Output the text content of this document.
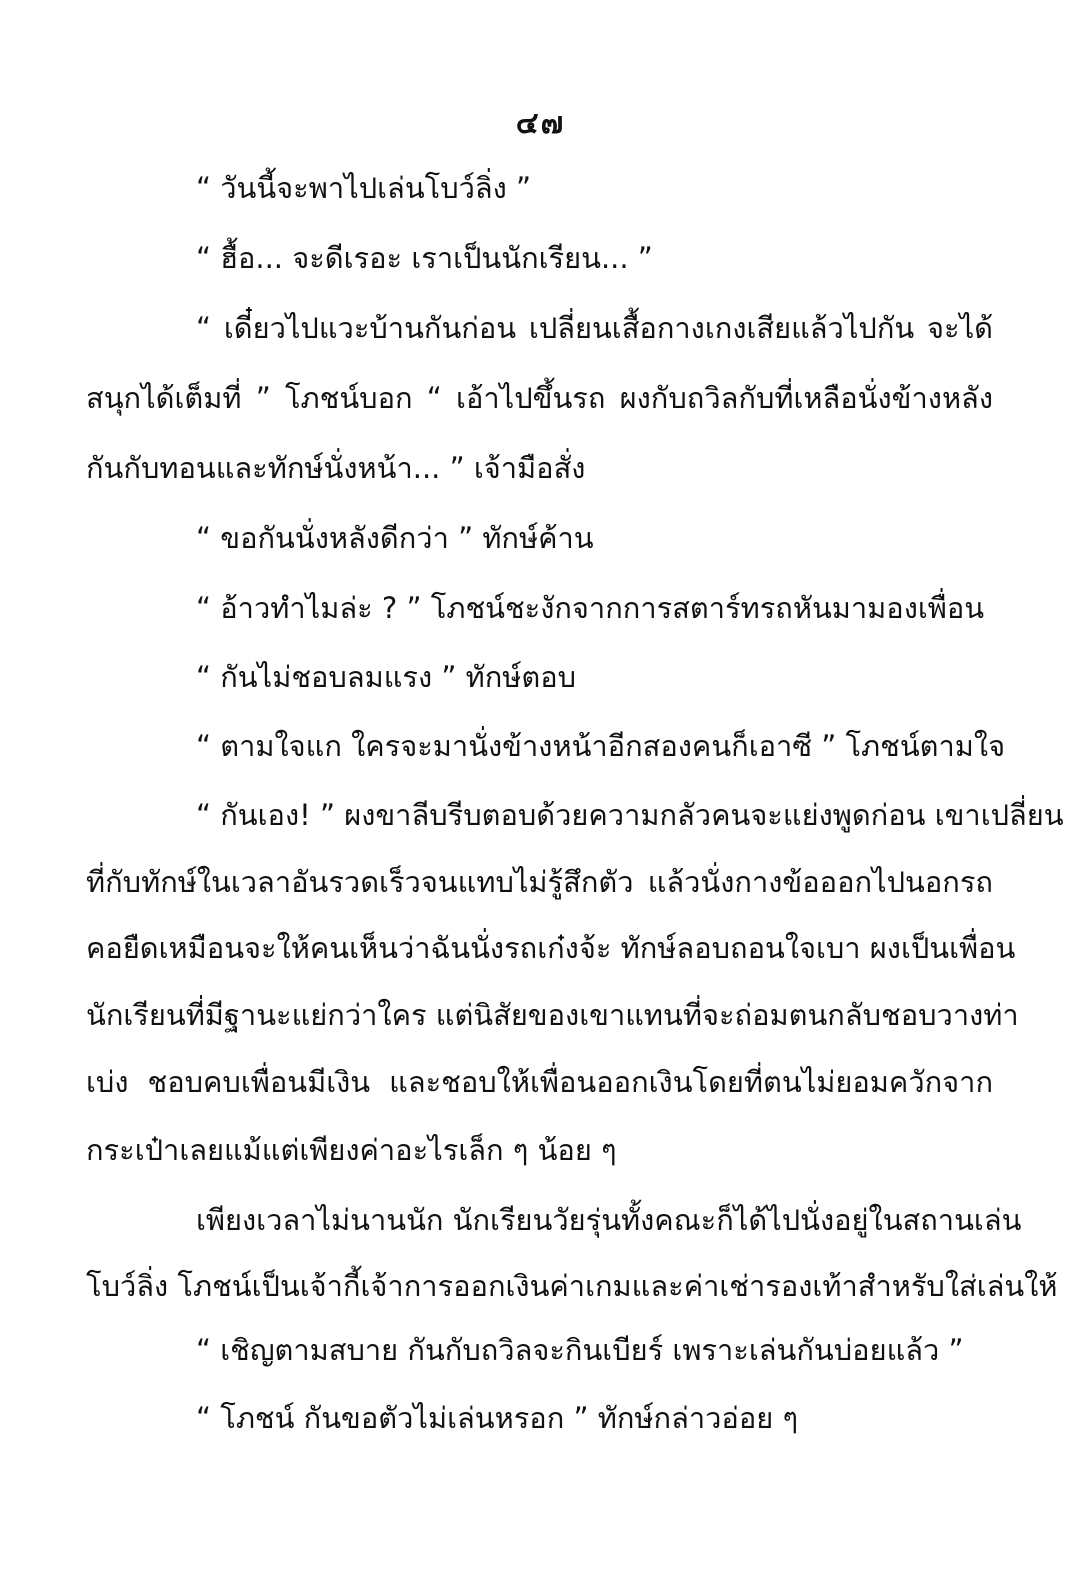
๔๗
“ วันนี้จะพาไปเล่นโบว์ลิ่ง ”
“ ฮื้อ... จะดีเรอะ เราเป็นนักเรียน... ”
“ เดี๋ยวไปแวะบ้านกันก่อน เปลี่ยนเสื้อกางเกงเสียแล้วไปกัน จะได้
สนุกได้เต็มที่ ” โภชน์บอก “ เอ้าไปขึ้นรถ ผงกับถวิลกับที่เหลือนั่งข้างหลัง
กันกับทอนและทักษ์นั่งหน้า... ” เจ้ามือสั่ง
“ ขอกันนั่งหลังดีกว่า ” ทักษ์ค้าน
“ อ้าวทำไมล่ะ ? ” โภชน์ชะงักจากการสตาร์ทรถหันมามองเพื่อน
“ กันไม่ชอบลมแรง ” ทักษ์ตอบ
“ ตามใจแก ใครจะมานั่งข้างหน้าอีกสองคนก็เอาซี ” โภชน์ตามใจ
“ กันเอง! ” ผงขาลีบรีบตอบด้วยความกลัวคนจะแย่งพูดก่อน เขาเปลี่ยน
ที่กับทักษ์ในเวลาอันรวดเร็วจนแทบไม่รู้สึกตัว แล้วนั่งกางข้อออกไปนอกรถ
คอยืดเหมือนจะให้คนเห็นว่าฉันนั่งรถเก๋งจ้ะ ทักษ์ลอบถอนใจเบา ผงเป็นเพื่อน
นักเรียนที่มีฐานะแย่กว่าใคร แต่นิสัยของเขาแทนที่จะถ่อมตนกลับชอบวางท่า
เบ่ง ชอบคบเพื่อนมีเงิน และชอบให้เพื่อนออกเงินโดยที่ตนไม่ยอมควักจาก
กระเป๋าเลยแม้แต่เพียงค่าอะไรเล็ก ๆ น้อย ๆ
เพียงเวลาไม่นานนัก นักเรียนวัยรุ่นทั้งคณะก็ได้ไปนั่งอยู่ในสถานเล่น
โบว์ลิ่ง โภชน์เป็นเจ้ากี้เจ้าการออกเงินค่าเกมและค่าเช่ารองเท้าสำหรับใส่เล่นให้
“ เชิญตามสบาย กันกับถวิลจะกินเบียร์ เพราะเล่นกันบ่อยแล้ว ”
“ โภชน์ กันขอตัวไม่เล่นหรอก ” ทักษ์กล่าวอ่อย ๆ
